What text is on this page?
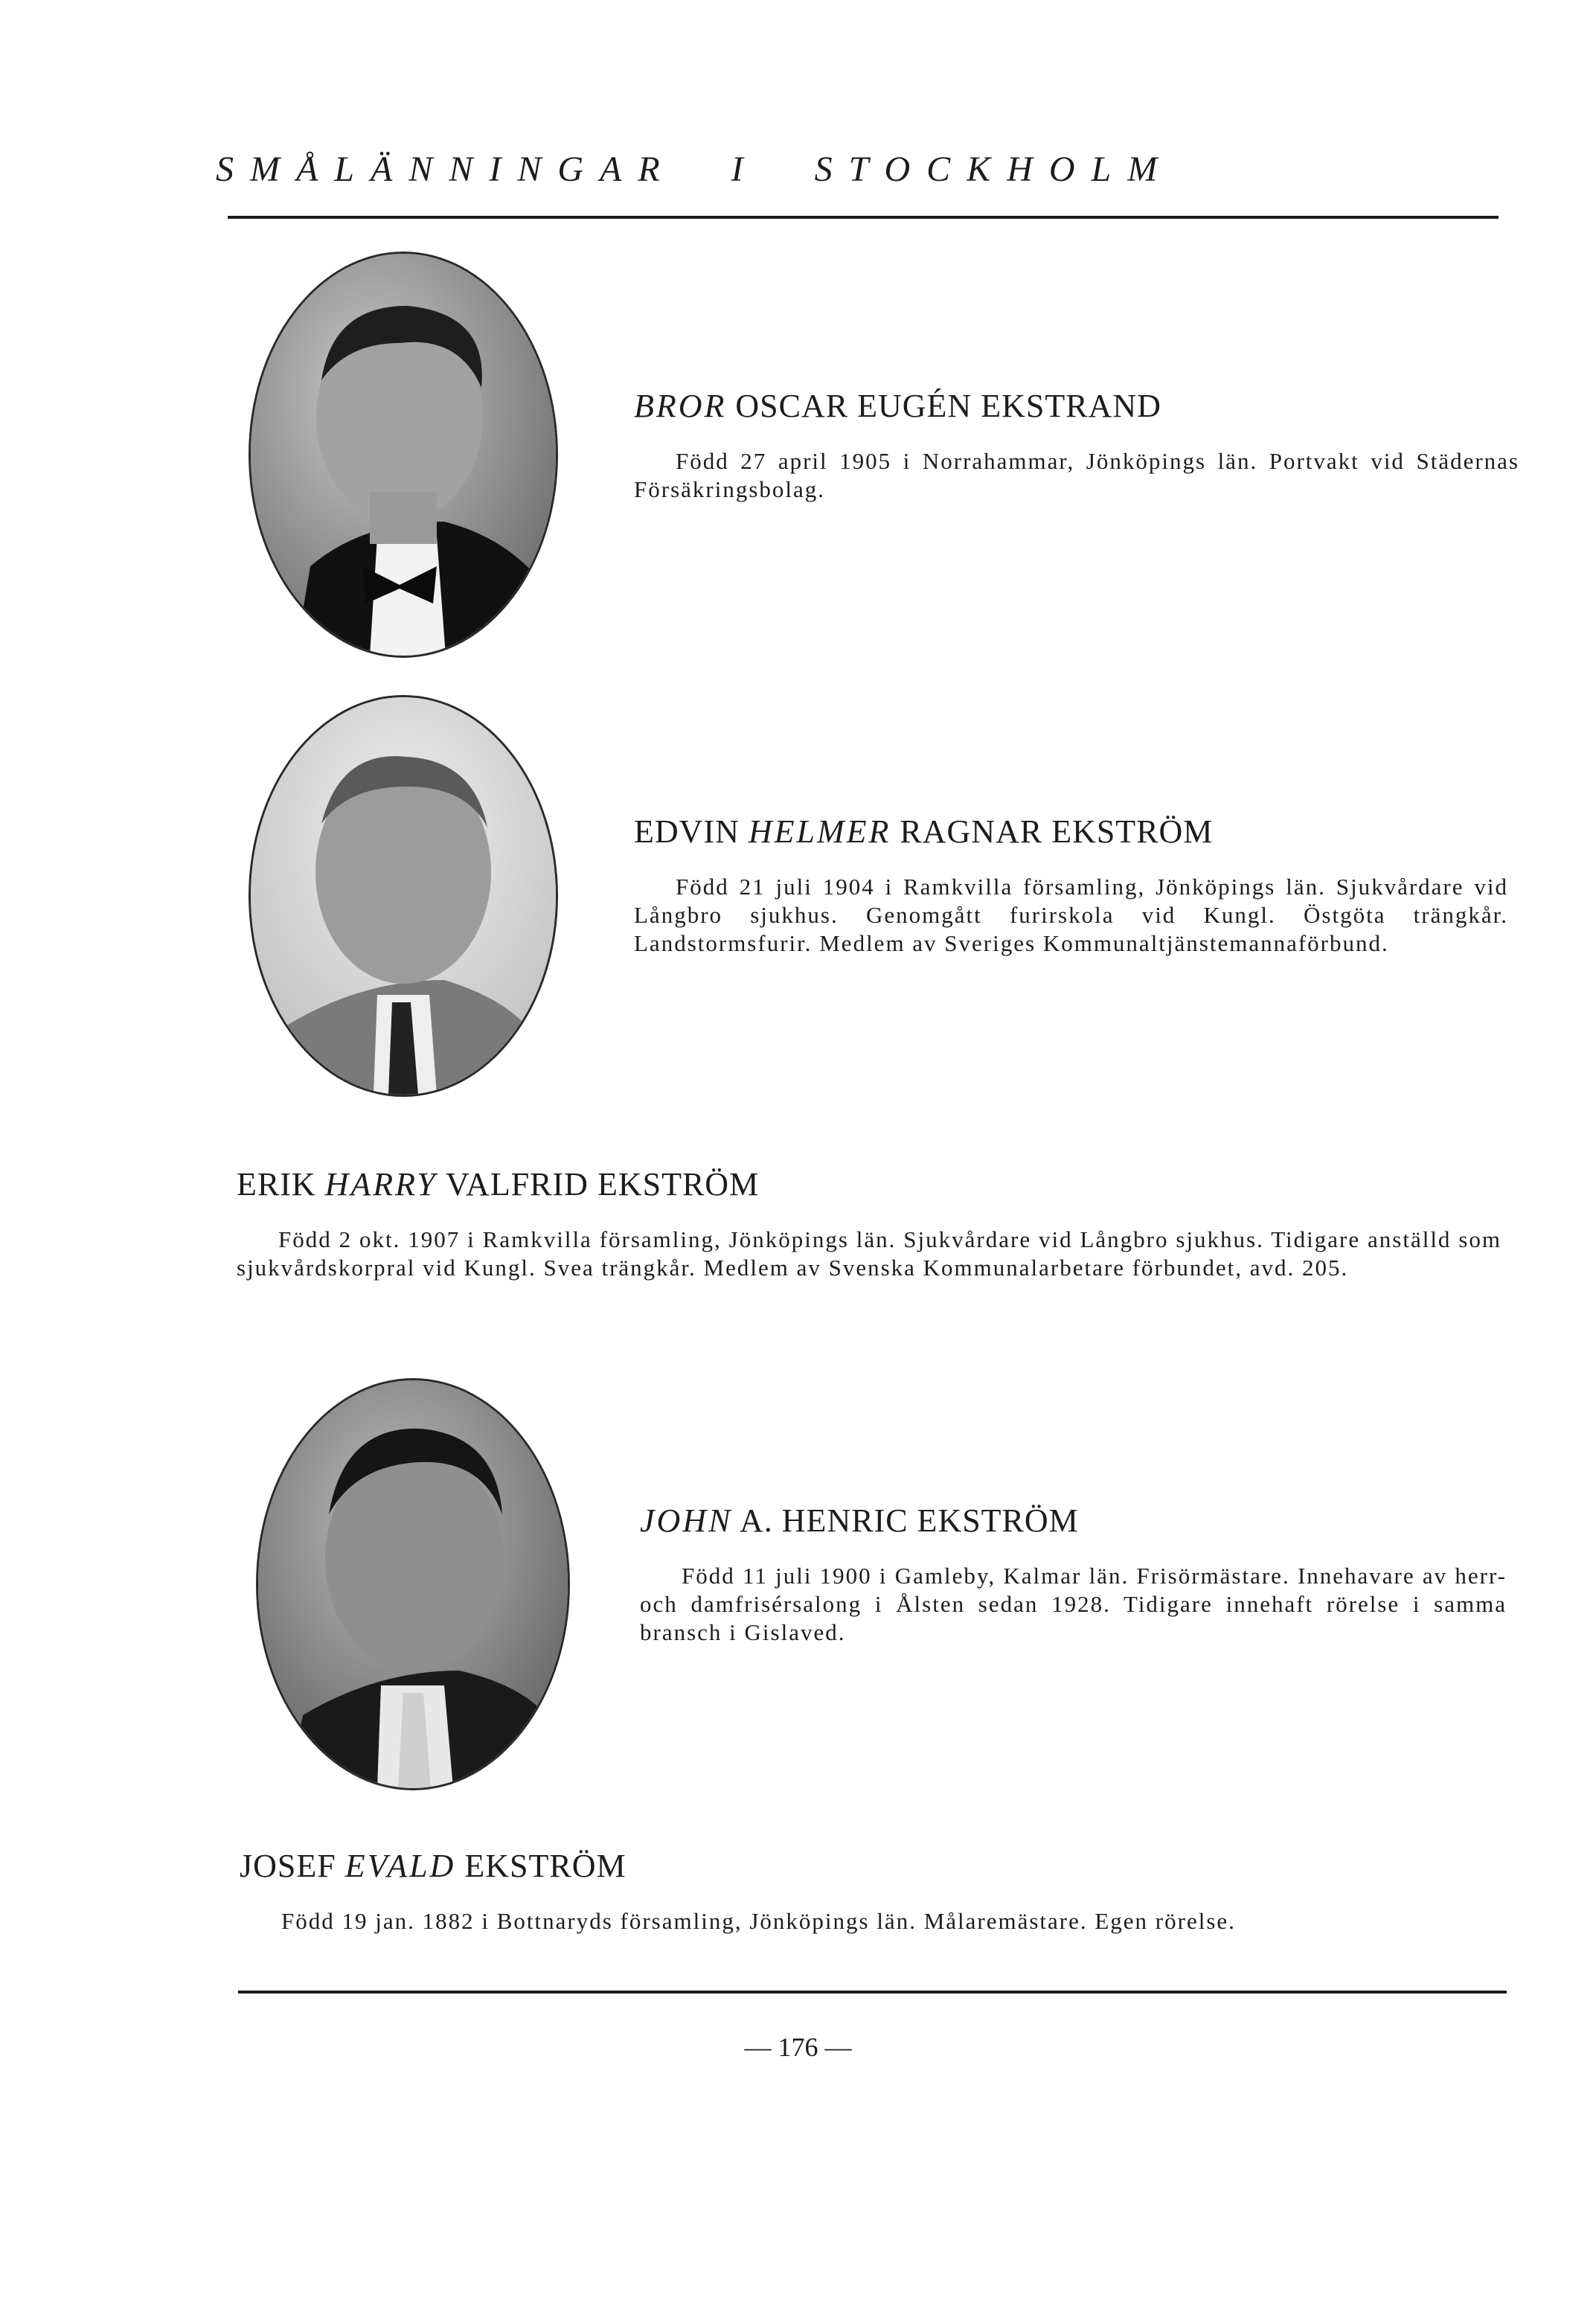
SMÅLÄNNINGAR I STOCKHOLM

BROR OSCAR EUGÉN EKSTRAND

Född 27 april 1905 i Norrahammar, Jönköpings län. Portvakt vid Städernas Försäkringsbolag.

EDVIN HELMER RAGNAR EKSTRÖM

Född 21 juli 1904 i Ramkvilla församling, Jönköpings län. Sjukvårdare vid Långbro sjukhus. Genomgått furirskola vid Kungl. Östgöta trängkår. Landstormsfurir. Medlem av Sveriges Kommunaltjänstemannaförbund.

ERIK HARRY VALFRID EKSTRÖM

Född 2 okt. 1907 i Ramkvilla församling, Jönköpings län. Sjukvårdare vid Långbro sjukhus. Tidigare anställd som sjukvårdskorpral vid Kungl. Svea trängkår. Medlem av Svenska Kommunalarbetare förbundet, avd. 205.

JOHN A. HENRIC EKSTRÖM

Född 11 juli 1900 i Gamleby, Kalmar län. Frisörmästare. Innehavare av herr- och damfrisérsalong i Ålsten sedan 1928. Tidigare innehaft rörelse i samma bransch i Gislaved.

JOSEF EVALD EKSTRÖM

Född 19 jan. 1882 i Bottnaryds församling, Jönköpings län. Målaremästare. Egen rörelse.

— 176 —
